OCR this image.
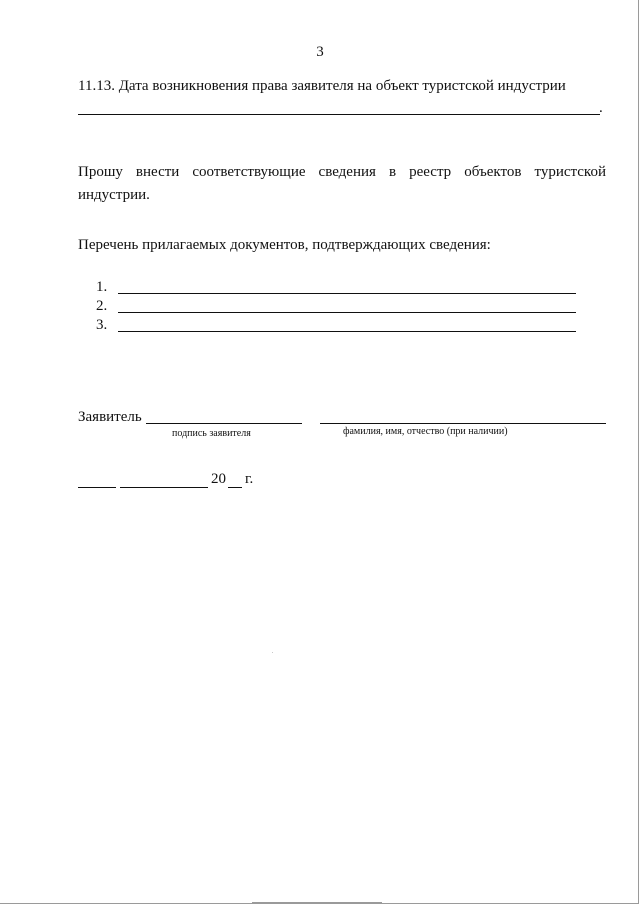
3
11.13. Дата возникновения права заявителя на объект туристской индустрии
.
Прошу внести соответствующие сведения в реестр объектов туристской индустрии.
Перечень прилагаемых документов, подтверждающих сведения:
1.
2.
3.
Заявитель
подпись заявителя	фамилия, имя, отчество (при наличии)
20 г.
